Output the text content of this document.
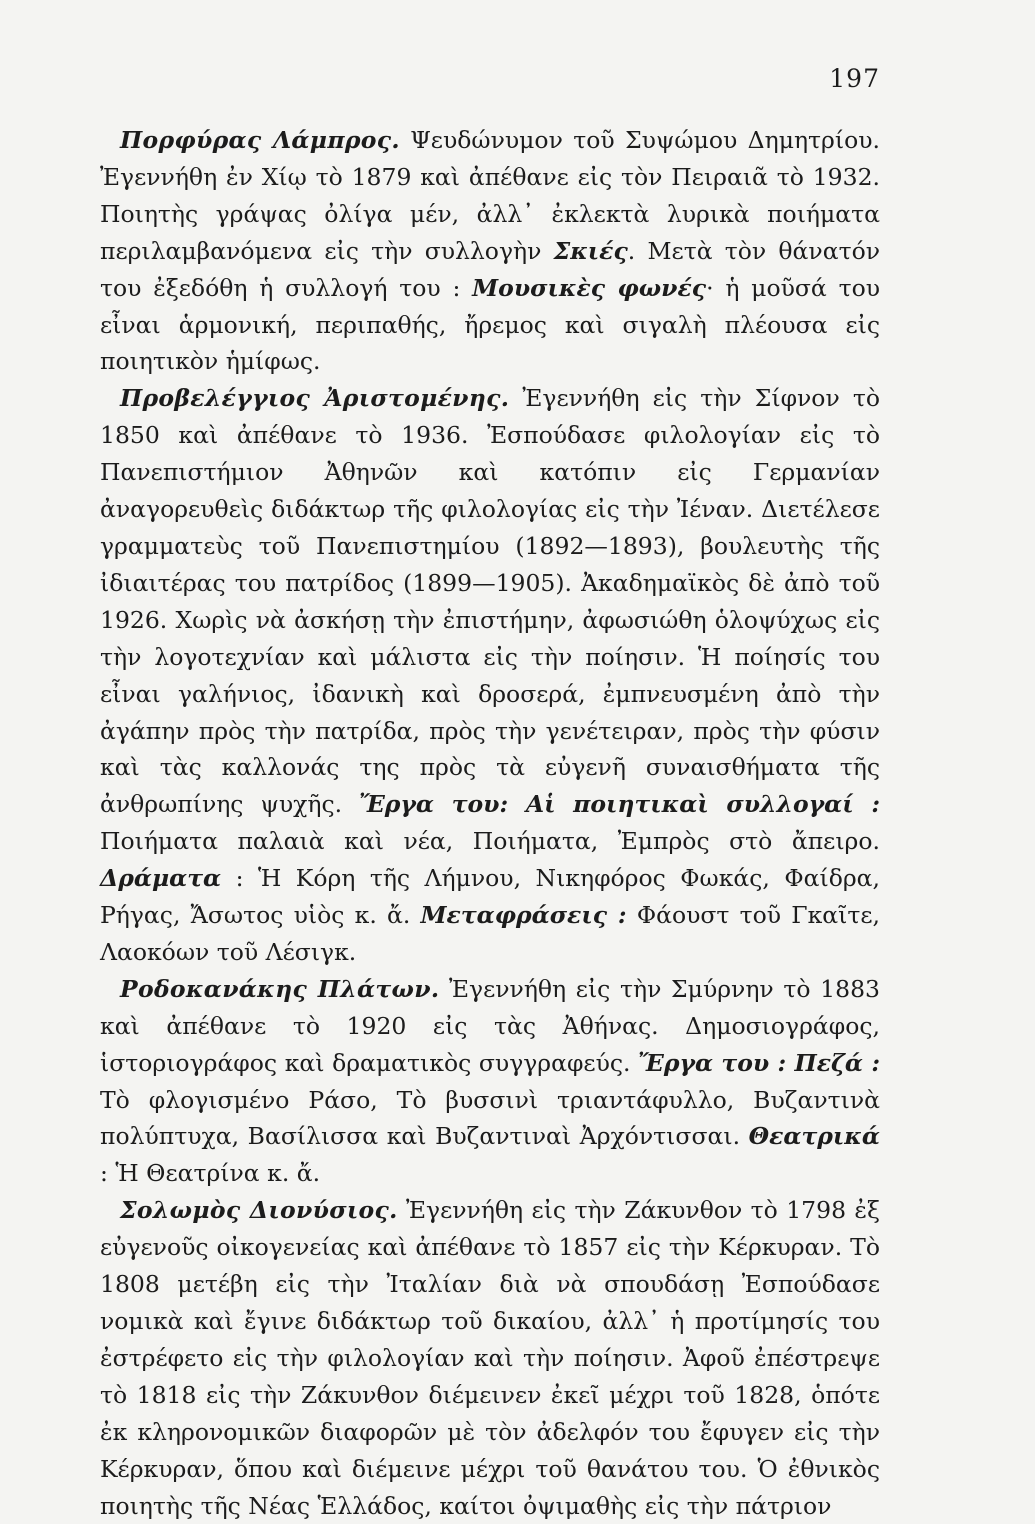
197

Πορφύρας Λάμπρος. Ψευδώνυμον τοῦ Συψώμου Δημητρίου. Ἐγεννήθη ἐν Χίῳ τὸ 1879 καὶ ἀπέθανε εἰς τὸν Πειραιᾶ τὸ 1932. Ποιητὴς γράψας ὀλίγα μέν, ἀλλ᾽ ἐκλεκτὰ λυρικὰ ποιήματα περιλαμβανόμενα εἰς τὴν συλλογὴν Σκιές. Μετὰ τὸν θάνατόν του ἐξεδόθη ἡ συλλογή του : Μουσικὲς φωνές· ἡ μοῦσά του εἶναι ἁρμονική, περιπαθής, ἤρεμος καὶ σιγαλὴ πλέουσα εἰς ποιητικὸν ἡμίφως.

Προβελέγγιος Ἀριστομένης. Ἐγεννήθη εἰς τὴν Σίφνον τὸ 1850 καὶ ἀπέθανε τὸ 1936. Ἐσπούδασε φιλολογίαν εἰς τὸ Πανεπιστήμιον Ἀθηνῶν καὶ κατόπιν εἰς Γερμανίαν ἀναγορευθεὶς διδάκτωρ τῆς φιλολογίας εἰς τὴν Ἰέναν. Διετέλεσε γραμματεὺς τοῦ Πανεπιστημίου (1892—1893), βουλευτὴς τῆς ἰδιαιτέρας του πατρίδος (1899—1905). Ἀκαδημαϊκὸς δὲ ἀπὸ τοῦ 1926. Χωρὶς νὰ ἀσκήσῃ τὴν ἐπιστήμην, ἀφωσιώθη ὁλοψύχως εἰς τὴν λογοτεχνίαν καὶ μάλιστα εἰς τὴν ποίησιν. Ἡ ποίησίς του εἶναι γαλήνιος, ἰδανικὴ καὶ δροσερά, ἐμπνευσμένη ἀπὸ τὴν ἀγάπην πρὸς τὴν πατρίδα, πρὸς τὴν γενέτειραν, πρὸς τὴν φύσιν καὶ τὰς καλλονάς της πρὸς τὰ εὐγενῆ συναισθήματα τῆς ἀνθρωπίνης ψυχῆς. Ἔργα του: Αἱ ποιητικαὶ συλλογαί : Ποιήματα παλαιὰ καὶ νέα, Ποιήματα, Ἐμπρὸς στὸ ἄπειρο. Δράματα : Ἡ Κόρη τῆς Λήμνου, Νικηφόρος Φωκάς, Φαίδρα, Ρήγας, Ἄσωτος υἱὸς κ. ἄ. Μεταφράσεις : Φάουστ τοῦ Γκαῖτε, Λαοκόων τοῦ Λέσιγκ.

Ροδοκανάκης Πλάτων. Ἐγεννήθη εἰς τὴν Σμύρνην τὸ 1883 καὶ ἀπέθανε τὸ 1920 εἰς τὰς Ἀθήνας. Δημοσιογράφος, ἱστοριογράφος καὶ δραματικὸς συγγραφεύς. Ἔργα του : Πεζά : Τὸ φλογισμένο Ράσο, Τὸ βυσσινὶ τριαντάφυλλο, Βυζαντινὰ πολύπτυχα, Βασίλισσα καὶ Βυζαντιναὶ Ἀρχόντισσαι. Θεατρικά : Ἡ Θεατρίνα κ. ἄ.

Σολωμὸς Διονύσιος. Ἐγεννήθη εἰς τὴν Ζάκυνθον τὸ 1798 ἐξ εὐγενοῦς οἰκογενείας καὶ ἀπέθανε τὸ 1857 εἰς τὴν Κέρκυραν. Τὸ 1808 μετέβη εἰς τὴν Ἰταλίαν διὰ νὰ σπουδάσῃ Ἐσπούδασε νομικὰ καὶ ἔγινε διδάκτωρ τοῦ δικαίου, ἀλλ᾽ ἡ προτίμησίς του ἐστρέφετο εἰς τὴν φιλολογίαν καὶ τὴν ποίησιν. Ἀφοῦ ἐπέστρεψε τὸ 1818 εἰς τὴν Ζάκυνθον διέμεινεν ἐκεῖ μέχρι τοῦ 1828, ὁπότε ἐκ κληρονομικῶν διαφορῶν μὲ τὸν ἀδελφόν του ἔφυγεν εἰς τὴν Κέρκυραν, ὅπου καὶ διέμεινε μέχρι τοῦ θανάτου του. Ὁ ἐθνικὸς ποιητὴς τῆς Νέας Ἑλλάδος, καίτοι ὀψιμαθὴς εἰς τὴν πάτριον
